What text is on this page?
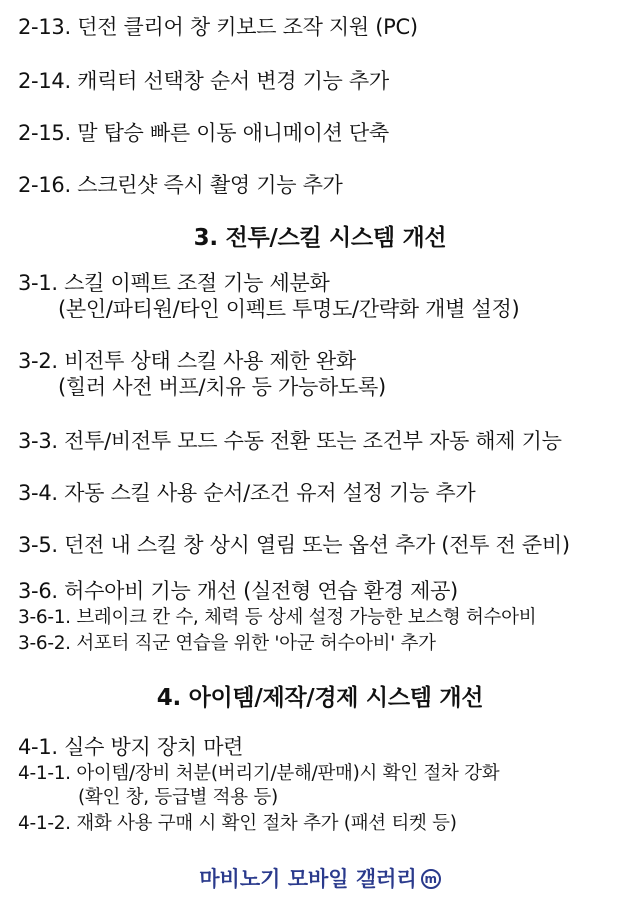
2-13. 던전 클리어 창 키보드 조작 지원 (PC)
2-14. 캐릭터 선택창 순서 변경 기능 추가
2-15. 말 탑승 빠른 이동 애니메이션 단축
2-16. 스크린샷 즉시 촬영 기능 추가
3. 전투/스킬 시스템 개선
3-1. 스킬 이펙트 조절 기능 세분화
(본인/파티원/타인 이펙트 투명도/간략화 개별 설정)
3-2. 비전투 상태 스킬 사용 제한 완화
(힐러 사전 버프/치유 등 가능하도록)
3-3. 전투/비전투 모드 수동 전환 또는 조건부 자동 해제 기능
3-4. 자동 스킬 사용 순서/조건 유저 설정 기능 추가
3-5. 던전 내 스킬 창 상시 열림 또는 옵션 추가 (전투 전 준비)
3-6. 허수아비 기능 개선 (실전형 연습 환경 제공)
3-6-1. 브레이크 칸 수, 체력 등 상세 설정 가능한 보스형 허수아비
3-6-2. 서포터 직군 연습을 위한 '아군 허수아비' 추가
4. 아이템/제작/경제 시스템 개선
4-1. 실수 방지 장치 마련
4-1-1. 아이템/장비 처분(버리기/분해/판매)시 확인 절차 강화
(확인 창, 등급별 적용 등)
4-1-2. 재화 사용 구매 시 확인 절차 추가 (패션 티켓 등)
마비노기 모바일 갤러리 m
